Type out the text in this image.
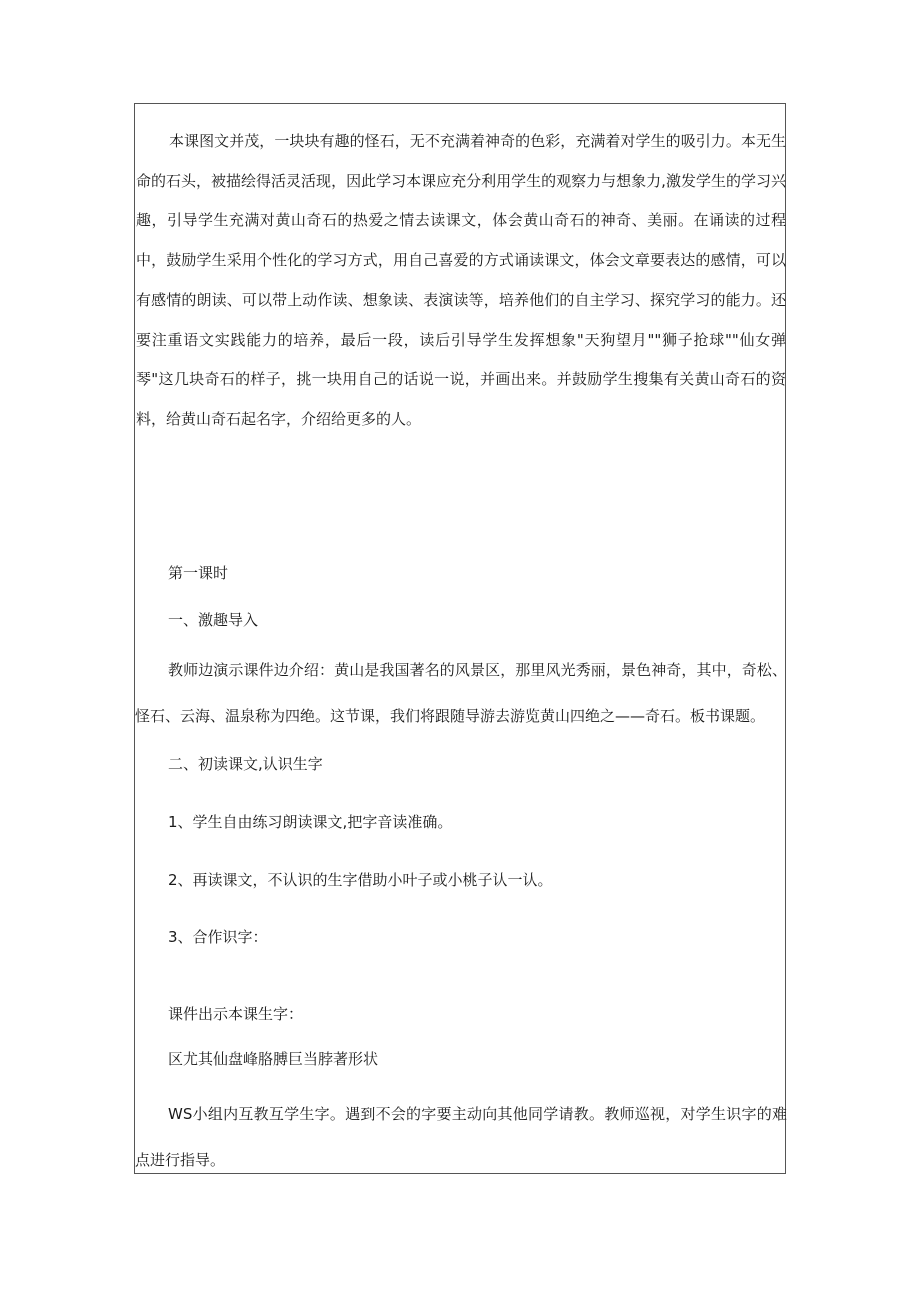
本课图文并茂，一块块有趣的怪石，无不充满着神奇的色彩，充满着对学生的吸引力。本无生命的石头，被描绘得活灵活现，因此学习本课应充分利用学生的观察力与想象力,激发学生的学习兴趣，引导学生充满对黄山奇石的热爱之情去读课文，体会黄山奇石的神奇、美丽。在诵读的过程中，鼓励学生采用个性化的学习方式，用自己喜爱的方式诵读课文，体会文章要表达的感情，可以有感情的朗读、可以带上动作读、想象读、表演读等，培养他们的自主学习、探究学习的能力。还要注重语文实践能力的培养，最后一段，读后引导学生发挥想象"天狗望月""狮子抢球""仙女弹琴"这几块奇石的样子，挑一块用自己的话说一说，并画出来。并鼓励学生搜集有关黄山奇石的资料，给黄山奇石起名字，介绍给更多的人。

第一课时

一、激趣导入

教师边演示课件边介绍：黄山是我国著名的风景区，那里风光秀丽，景色神奇，其中，奇松、怪石、云海、温泉称为四绝。这节课，我们将跟随导游去游览黄山四绝之——奇石。板书课题。

二、初读课文,认识生字

1、学生自由练习朗读课文,把字音读准确。

2、再读课文，不认识的生字借助小叶子或小桃子认一认。

3、合作识字：

课件出示本课生字：

区尤其仙盘峰胳膊巨当脖著形状

WS小组内互教互学生字。遇到不会的字要主动向其他同学请教。教师巡视，对学生识字的难点进行指导。
